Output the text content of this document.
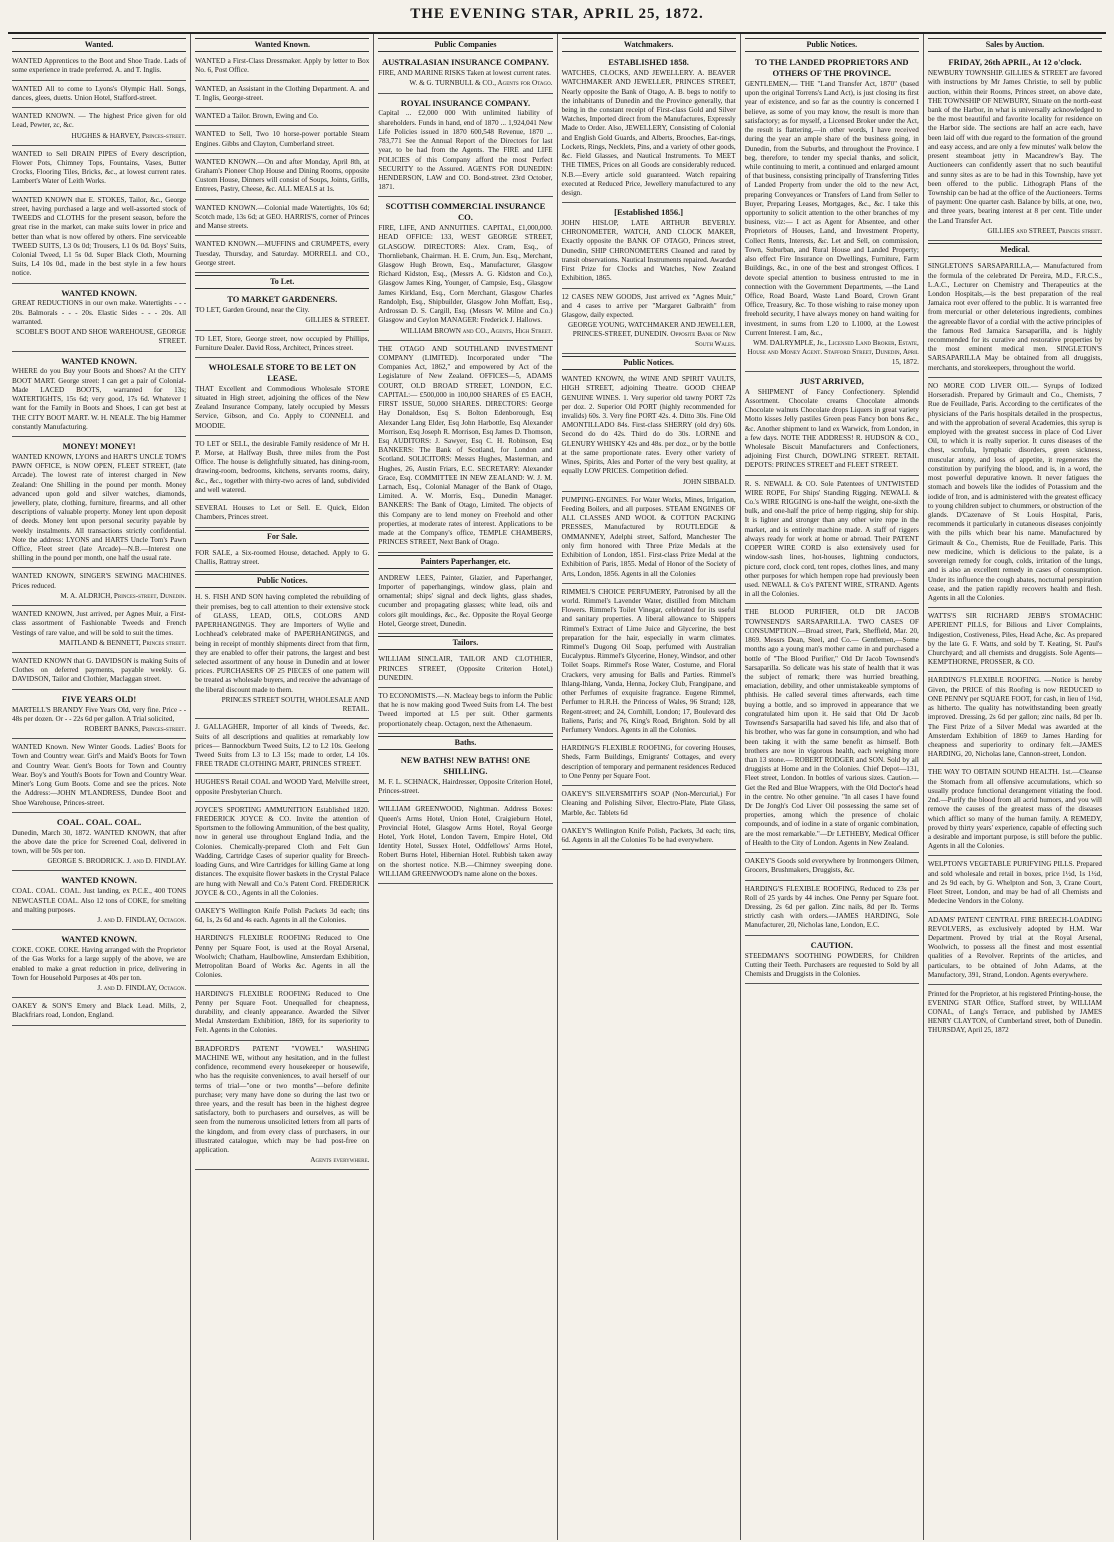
THE EVENING STAR, APRIL 25, 1872.
Wanted.

WANTED Apprentices to the Boot and Shoe Trade. Lads of some experience in trade preferred. A. and T. Inglis.

WANTED All to come to Lyons's Olympic Hall. Songs, dances, glees, duetts. Union Hotel, Stafford-street.

WANTED KNOWN. — The highest Price given for old Lead, Pewter, zc, &c.

HUGHES & HARVEY, Princes-street.

WANTED to Sell DRAIN PIPES of Every description, Flower Pots, Chimney Tops, Fountains, Vases, Butter Crocks, Flooring Tiles, Bricks, &c., at lowest current rates. Lambert's Water of Leith Works.

WANTED KNOWN that E. STOKES, Tailor, &c., George street, having purchased a large and well-assorted stock of TWEEDS and CLOTHS for the present season, before the great rise in the market, can make suits lower in price and better than what is now offered by others. Fine serviceable TWEED SUITS, L3 0s 0d; Trousers, L1 0s 0d. Boys' Suits, Colonial Tweed, L1 5s 0d. Super Black Cloth, Mourning Suits, L4 10s 0d., made in the best style in a few hours notice.

WANTED KNOWN.

GREAT REDUCTIONS in our own make. Watertights - - - 20s. Balmorals - - - 20s. Elastic Sides - - - 20s. All warranted.

SCOBLE'S BOOT AND SHOE WAREHOUSE, GEORGE STREET.

WANTED KNOWN.

WHERE do you Buy your Boots and Shoes? At the CITY BOOT MART. George street: I can get a pair of Colonial-Made LACED BOOTS, warranted for 13s; WATERTIGHTS, 15s 6d; very good, 17s 6d. Whatever I want for the Family in Boots and Shoes, I can get best at THE CITY BOOT MART. W. H. NEALE. The big Hammer constantly Manufacturing.

MONEY! MONEY!

WANTED KNOWN, LYONS and HART'S UNCLE TOM'S PAWN OFFICE, is NOW OPEN, FLEET STREET, (late Arcade). The lowest rate of interest charged in New Zealand: One Shilling in the pound per month. Money advanced upon gold and silver watches, diamonds, jewellery, plate, clothing, furniture, firearms, and all other descriptions of valuable property. Money lent upon deposit of deeds. Money lent upon personal security payable by weekly instalments. All transactions strictly confidential. Note the address: LYONS and HARTS Uncle Tom's Pawn Office, Fleet street (late Arcade)—N.B.—Interest one shilling in the pound per month, one half the usual rate.

WANTED KNOWN, SINGER'S SEWING MACHINES. Prices reduced.

M. A. ALDRICH, Princes-street, Dunedin.

WANTED KNOWN, Just arrived, per Agnes Muir, a First-class assortment of Fashionable Tweeds and French Vestings of rare value, and will be sold to suit the times.

MAITLAND & BENNETT, Princes street.

WANTED KNOWN that G. DAVIDSON is making Suits of Clothes on deferred payments, payable weekly. G. DAVIDSON, Tailor and Clothier, Maclaggan street.

FIVE YEARS OLD!

MARTELL'S BRANDY Five Years Old, very fine. Price - - 48s per dozen. Or - - 22s 6d per gallon. A Trial solicited,

ROBERT BANKS, Princes-street.

WANTED Known. New Winter Goods. Ladies' Boots for Town and Country wear. Girl's and Maid's Boots for Town and Country Wear. Gent's Boots for Town and Country Wear. Boy's and Youth's Boots for Town and Country Wear. Miner's Long Gum Boots. Come and see the prices. Note the Address:—JOHN M'LANDRESS, Dundee Boot and Shoe Warehouse, Princes-street.

COAL. COAL. COAL.

Dunedin, March 30, 1872. WANTED KNOWN, that after the above date the price for Screened Coal, delivered in town, will be 50s per ton.

GEORGE S. BRODRICK. J. and D. FINDLAY.

WANTED KNOWN.

COAL. COAL. COAL. Just landing, ex P.C.E., 400 TONS NEWCASTLE COAL. Also 12 tons of COKE, for smelting and malting purposes.

J. and D. FINDLAY, Octagon.

WANTED KNOWN.

COKE. COKE. COKE. Having arranged with the Proprietor of the Gas Works for a large supply of the above, we are enabled to make a great reduction in price, delivering in Town for Household Purposes at 40s per ton.

J. and D. FINDLAY, Octagon.

OAKEY & SON'S Emery and Black Lead. Mills, 2, Blackfriars road, London, England.

Wanted Known.

WANTED a First-Class Dressmaker. Apply by letter to Box No. 6, Post Office.

WANTED, an Assistant in the Clothing Department. A. and T. Inglis, George-street.

WANTED a Tailor. Brown, Ewing and Co.

WANTED to Sell, Two 10 horse-power portable Steam Engines. Gibbs and Clayton, Cumberland street.

WANTED KNOWN.—On and after Monday, April 8th, at Graham's Pioneer Chop House and Dining Rooms, opposite Custom House, Dinners will consist of Soups, Joints, Grills, Entrees, Pastry, Cheese, &c. ALL MEALS at 1s.

WANTED KNOWN.—Colonial made Watertights, 10s 6d; Scotch made, 13s 6d; at GEO. HARRIS'S, corner of Princes and Manse streets.

WANTED KNOWN.—MUFFINS and CRUMPETS, every Tuesday, Thursday, and Saturday. MORRELL and CO., George street.

To Let.
TO MARKET GARDENERS.

TO LET, Garden Ground, near the City.

GILLIES & STREET.

TO LET, Store, George street, now occupied by Phillips, Furniture Dealer. David Ross, Architect, Princes street.

WHOLESALE STORE TO BE LET ON LEASE.

THAT Excellent and Commodious Wholesale STORE situated in High street, adjoining the offices of the New Zealand Insurance Company, lately occupied by Messrs Service, Gibson, and Co. Apply to CONNELL and MOODIE.

TO LET or SELL, the desirable Family residence of Mr H. P. Morse, at Halfway Bush, three miles from the Post Office. The house is delightfully situated, has dining-room, drawing-room, bedrooms, kitchens, servants rooms, dairy, &c., &c., together with thirty-two acres of land, subdivided and well watered.

SEVERAL Houses to Let or Sell. E. Quick, Eldon Chambers, Princes street.

For Sale.

FOR SALE, a Six-roomed House, detached. Apply to G. Challis, Rattray street.

Public Notices.

H. S. FISH AND SON having completed the rebuilding of their premises, beg to call attention to their extensive stock of GLASS, LEAD, OILS, COLORS AND PAPERHANGINGS. They are Importers of Wylie and Lochhead's celebrated make of PAPERHANGINGS, and being in receipt of monthly shipments direct from that firm, they are enabled to offer their patrons, the largest and best selected assortment of any house in Dunedin and at lower prices. PURCHASERS OF 25 PIECES of one pattern will be treated as wholesale buyers, and receive the advantage of the liberal discount made to them.

PRINCES STREET SOUTH, WHOLESALE AND RETAIL.

J. GALLAGHER, Importer of all kinds of Tweeds, &c. Suits of all descriptions and qualities at remarkably low prices— Bannockburn Tweed Suits, L2 to L2 10s. Geelong Tweed Suits from L3 to L3 15s; made to order, L4 10s. FREE TRADE CLOTHING MART, PRINCES STREET.

HUGHES'S Retail COAL and WOOD Yard, Melville street, opposite Presbyterian Church.

JOYCE'S SPORTING AMMUNITION Established 1820. FREDERICK JOYCE & CO. Invite the attention of Sportsmen to the following Ammunition, of the best quality, now in general use throughout England India, and the Colonies. Chemically-prepared Cloth and Felt Gun Wadding, Cartridge Cases of superior quality for Breech-loading Guns, and Wire Cartridges for killing Game at long distances. The exquisite flower baskets in the Crystal Palace are hung with Newall and Co.'s Patent Cord. FREDERICK JOYCE & CO., Agents in all the Colonies.

OAKEY'S Wellington Knife Polish Packets 3d each; tins 6d, 1s, 2s 6d and 4s each. Agents in all the Colonies.

HARDING'S FLEXIBLE ROOFING Reduced to One Penny per Square Foot, is used at the Royal Arsenal, Woolwich; Chatham, Haulbowline, Amsterdam Exhibition, Metropolitan Board of Works &c. Agents in all the Colonies.

HARDING'S FLEXIBLE ROOFING Reduced to One Penny per Square Foot. Unequalled for cheapness, durability, and cleanly appearance. Awarded the Silver Medal Amsterdam Exhibition, 1869, for its superiority to Felt. Agents in the Colonies.

BRADFORD'S PATENT "VOWEL" WASHING MACHINE WE, without any hesitation, and in the fullest confidence, recommend every housekeeper or housewife, who has the requisite conveniences, to avail herself of our terms of trial—"one or two months"—before definite purchase; very many have done so during the last two or three years, and the result has been in the highest degree satisfactory, both to purchasers and ourselves, as will be seen from the numerous unsolicited letters from all parts of the kingdom, and from every class of purchasers, in our illustrated catalogue, which may be had post-free on application.

Agents everywhere.

Public Companies
AUSTRALASIAN INSURANCE COMPANY.

FIRE, AND MARINE RISKS Taken at lowest current rates.

W. & G. TURNBULL & CO., Agents for Otago.

ROYAL INSURANCE COMPANY.

Capital ... £2,000 000 With unlimited liability of shareholders. Funds in hand, end of 1870 ... 1,924,041 New Life Policies issued in 1870 600,548 Revenue, 1870 ... 783,771 See the Annual Report of the Directors for last year, to be had from the Agents. The FIRE and LIFE POLICIES of this Company afford the most Perfect SECURITY to the Assured. AGENTS FOR DUNEDIN: HENDERSON, LAW and CO. Bond-street. 23rd October, 1871.

SCOTTISH COMMERCIAL INSURANCE CO.

FIRE, LIFE, AND ANNUITIES. CAPITAL, £1,000,000. HEAD OFFICE: 133, WEST GEORGE STREET, GLASGOW. DIRECTORS: Alex. Cram, Esq., of Thornliebank, Chairman. H. E. Crum, Jun. Esq., Merchant, Glasgow Hugh Brown, Esq., Manufacturer, Glasgow Richard Kidston, Esq., (Messrs A. G. Kidston and Co.), Glasgow James King, Younger, of Campsie, Esq., Glasgow James Kirkland, Esq., Corn Merchant, Glasgow Charles Randolph, Esq., Shipbuilder, Glasgow John Moffatt, Esq., Ardrossan D. S. Cargill, Esq. (Messrs W. Milne and Co.) Glasgow and Ceylon MANAGER: Frederick J. Hallows.

WILLIAM BROWN and CO., Agents, High Street.

THE OTAGO AND SOUTHLAND INVESTMENT COMPANY (LIMITED). Incorporated under "The Companies Act, 1862," and empowered by Act of the Legislature of New Zealand. OFFICES—5, ADAMS COURT, OLD BROAD STREET, LONDON, E.C. CAPITAL:— £500,000 in 100,000 SHARES of £5 EACH, FIRST ISSUE, 50,000 SHARES. DIRECTORS: George Hay Donaldson, Esq S. Bolton Edenborough, Esq Alexander Lang Elder, Esq John Harbottle, Esq Alexander Morrison, Esq Joseph R. Morrison, Esq James D. Thomson, Esq AUDITORS: J. Sawyer, Esq C. H. Robinson, Esq BANKERS: The Bank of Scotland, for London and Scotland. SOLICITORS: Messrs Hughes, Masterman, and Hughes, 26, Austin Friars, E.C. SECRETARY: Alexander Grace, Esq. COMMITTEE IN NEW ZEALAND: W. J. M. Larnach, Esq., Colonial Manager of the Bank of Otago, Limited. A. W. Morris, Esq., Dunedin Manager. BANKERS: The Bank of Otago, Limited. The objects of this Company are to lend money on Freehold and other properties, at moderate rates of interest. Applications to be made at the Company's office, TEMPLE CHAMBERS, PRINCES STREET, Next Bank of Otago.

Painters Paperhanger, etc.

ANDREW LEES, Painter, Glazier, and Paperhanger, Importer of paperhangings, window glass, plain and ornamental; ships' signal and deck lights, glass shades, cucumber and propagating glasses; white lead, oils and colors gilt mouldings, &c., &c. Opposite the Royal George Hotel, George street, Dunedin.

Tailors.

WILLIAM SINCLAIR, TAILOR AND CLOTHIER, PRINCES STREET, (Opposite Criterion Hotel,) DUNEDIN.

TO ECONOMISTS.—N. Macleay begs to inform the Public that he is now making good Tweed Suits from L4. The best Tweed imported at L5 per suit. Other garments proportionately cheap. Octagon, next the Athenaeum.

Baths.
NEW BATHS! NEW BATHS! ONE SHILLING.

M. F. L. SCHNACK, Hairdresser, Opposite Criterion Hotel, Princes-street.

WILLIAM GREENWOOD, Nightman. Address Boxes: Queen's Arms Hotel, Union Hotel, Craigieburn Hotel, Provincial Hotel, Glasgow Arms Hotel, Royal George Hotel, York Hotel, London Tavern, Empire Hotel, Old Identity Hotel, Sussex Hotel, Oddfellows' Arms Hotel, Robert Burns Hotel, Hibernian Hotel. Rubbish taken away on the shortest notice. N.B.—Chimney sweeping done. WILLIAM GREENWOOD's name alone on the boxes.

Watchmakers.
ESTABLISHED 1858.

WATCHES, CLOCKS, AND JEWELLERY. A. BEAVER WATCHMAKER AND JEWELLER, PRINCES STREET, Nearly opposite the Bank of Otago, A. B. begs to notify to the inhabitants of Dunedin and the Province generally, that being in the constant receipt of First-class Gold and Silver Watches, Imported direct from the Manufactures, Expressly Made to Order. Also, JEWELLERY, Consisting of Colonial and English Gold Guards, and Alberts, Brooches, Ear-rings, Lockets, Rings, Necklets, Pins, and a variety of other goods, &c. Field Glasses, and Nautical Instruments. To MEET THE TIMES, Prices on all Goods are considerably reduced. N.B.—Every article sold guaranteed. Watch repairing executed at Reduced Price, Jewellery manufactured to any design.

[Established 1856.]

JOHN HISLOP, LATE ARTHUR BEVERLY. CHRONOMETER, WATCH, AND CLOCK MAKER, Exactly opposite the BANK OF OTAGO, Princes street, Dunedin, SHIP CHRONOMETERS Cleaned and rated by transit observations. Nautical Instruments repaired. Awarded First Prize for Clocks and Watches, New Zealand Exhibition, 1865.

12 CASES NEW GOODS, Just arrived ex "Agnes Muir," and 4 cases to arrive per "Margaret Galbraith" from Glasgow, daily expected.

GEORGE YOUNG, WATCHMAKER AND JEWELLER, PRINCES-STREET, DUNEDIN. Opposite Bank of New South Wales.

Public Notices.

WANTED KNOWN, the WINE AND SPIRIT VAULTS, HIGH STREET, adjoining Theatre. GOOD CHEAP GENUINE WINES. 1. Very superior old tawny PORT 72s per doz. 2. Superior Old PORT (highly recommended for invalids) 60s. 3. Very fine PORT 42s. 4. Ditto 30s. Fine Old AMONTILLADO 84s. First-class SHERRY (old dry) 60s. Second do do 42s. Third do do 30s. LORNE and GLENURY WHISKY 42s and 48s. per doz., or by the bottle at the same proportionate rates. Every other variety of Wines, Spirits, Ales and Porter of the very best quality, at equally LOW PRICES. Competition defied.

JOHN SIBBALD.

PUMPING-ENGINES. For Water Works, Mines, Irrigation, Feeding Boilers, and all purposes. STEAM ENGINES OF ALL CLASSES AND WOOL & COTTON PACKING PRESSES, Manufactured by ROUTLEDGE & OMMANNEY, Adelphi street, Salford, Manchester The only firm honored with Three Prize Medals at the Exhibition of London, 1851. First-class Prize Medal at the Exhibition of Paris, 1855. Medal of Honor of the Society of Arts, London, 1856. Agents in all the Colonies

RIMMEL'S CHOICE PERFUMERY, Patronised by all the world. Rimmel's Lavender Water, distilled from Mitcham Flowers. Rimmel's Toilet Vinegar, celebrated for its useful and sanitary properties. A liberal allowance to Shippers Rimmel's Extract of Lime Juice and Glycerine, the best preparation for the hair, especially in warm climates. Rimmel's Dugong Oil Soap, perfumed with Australian Eucalyptus. Rimmel's Glycerine, Honey, Windsor, and other Toilet Soaps. Rimmel's Rose Water, Costume, and Floral Crackers, very amusing for Balls and Parties. Rimmel's Ihlang-Ihlang, Vanda, Henna, Jockey Club, Frangipane, and other Perfumes of exquisite fragrance. Eugene Rimmel, Perfumer to H.R.H. the Princess of Wales, 96 Strand; 128, Regent-street; and 24, Cornhill, London; 17, Boulevard des Italiens, Paris; and 76, King's Road, Brighton. Sold by all Perfumery Vendors. Agents in all the Colonies.

HARDING'S FLEXIBLE ROOFING, for covering Houses, Sheds, Farm Buildings, Emigrants' Cottages, and every description of temporary and permanent residences Reduced to One Penny per Square Foot.

OAKEY'S SILVERSMITH'S SOAP (Non-Mercurial,) For Cleaning and Polishing Silver, Electro-Plate, Plate Glass, Marble, &c. Tablets 6d

OAKEY'S Wellington Knife Polish, Packets, 3d each; tins, 6d. Agents in all the Colonies To be had everywhere.

Public Notices.
TO THE LANDED PROPRIETORS AND OTHERS OF THE PROVINCE.

GENTLEMEN,— THE "Land Transfer Act, 1870" (based upon the original Torrens's Land Act), is just closing its first year of existence, and so far as the country is concerned I believe, as some of you may know, the result is more than satisfactory; as for myself, a Licensed Broker under the Act, the result is flattering,—in other words, I have received during the year an ample share of the business going, in Dunedin, from the Suburbs, and throughout the Province. I beg, therefore, to tender my special thanks, and solicit, while continuing to merit, a continued and enlarged amount of that business, consisting principally of Transferring Titles of Landed Property from under the old to the new Act, preparing Conveyances or Transfers of Land from Seller to Buyer, Preparing Leases, Mortgages, &c., &c. I take this opportunity to solicit attention to the other branches of my business, viz:— I act as Agent for Absentee, and other Proprietors of Houses, Land, and Investment Property, Collect Rents, Interests, &c. Let and Sell, on commission, Town, Suburban, and Rural House and Landed Property; also effect Fire Insurance on Dwellings, Furniture, Farm Buildings, &c., in one of the best and strongest Offices. I devote special attention to business entrusted to me in connection with the Government Departments, —the Land Office, Road Board, Waste Land Board, Crown Grant Office, Treasury, &c. To those wishing to raise money upon freehold security, I have always money on hand waiting for investment, in sums from L20 to L1000, at the Lowest Current Interest. I am, &c.,

WM. DALRYMPLE, Jr., Licensed Land Broker, Estate, House and Money Agent. Stafford Street, Dunedin, April 15, 1872.

JUST ARRIVED,

A SHIPMENT of Fancy Confectionery. Splendid Assortment. Chocolate creams Chocolate almonds Chocolate walnuts Chocolate drops Liquers in great variety Motto kisses Jelly pastiles Green peas Fancy bon bons &c., &c. Another shipment to land ex Warwick, from London, in a few days. NOTE THE ADDRESS! R. HUDSON & CO., Wholesale Biscuit Manufacturers and Confectioners, adjoining First Church, DOWLING STREET. RETAIL DEPOTS: PRINCES STREET and FLEET STREET.

R. S. NEWALL & CO. Sole Patentees of UNTWISTED WIRE ROPE, For Ships' Standing Rigging. NEWALL & Co.'s WIRE RIGGING is one-half the weight, one-sixth the bulk, and one-half the price of hemp rigging, ship for ship. It is lighter and stronger than any other wire rope in the market, and is entirely machine made. A staff of riggers always ready for work at home or abroad. Their PATENT COPPER WIRE CORD is also extensively used for window-sash lines, hot-houses, lightning conductors, picture cord, clock cord, tent ropes, clothes lines, and many other purposes for which hempen rope had previously been used. NEWALL & Co's PATENT WIRE, STRAND. Agents in all the Colonies.

THE BLOOD PURIFIER, OLD DR JACOB TOWNSEND'S SARSAPARILLA. TWO CASES OF CONSUMPTION.—Broad street, Park, Sheffield, Mar. 20, 1869. Messrs Dean, Steel, and Co.— Gentlemen,—Some months ago a young man's mother came in and purchased a bottle of "The Blood Purifier," Old Dr Jacob Townsend's Sarsaparilla. So delicate was his state of health that it was the subject of remark; there was hurried breathing, emaciation, debility, and other unmistakeable symptoms of phthisis. He called several times afterwards, each time buying a bottle, and so improved in appearance that we congratulated him upon it. He said that Old Dr Jacob Townsend's Sarsaparilla had saved his life, and also that of his brother, who was far gone in consumption, and who had been taking it with the same benefit as himself. Both brothers are now in vigorous health, each weighing more than 13 stone.— ROBERT RODGER and SON. Sold by all druggists at Home and in the Colonies. Chief Depot—131, Fleet street, London. In bottles of various sizes. Caution.—Get the Red and Blue Wrappers, with the Old Doctor's head in the centre. No other genuine. "In all cases I have found Dr De Jongh's Cod Liver Oil possessing the same set of properties, among which the presence of cholaic compounds, and of iodine in a state of organic combination, are the most remarkable."—Dr LETHEBY, Medical Officer of Health to the City of London. Agents in New Zealand.

OAKEY'S Goods sold everywhere by Ironmongers Oilmen, Grocers, Brushmakers, Druggists, &c.

HARDING'S FLEXIBLE ROOFING, Reduced to 23s per Roll of 25 yards by 44 inches. One Penny per Square foot. Dressing, 2s 6d per gallon. Zinc nails, 8d per lb. Terms strictly cash with orders.—JAMES HARDING, Sole Manufacturer, 20, Nicholas lane, London, E.C.

CAUTION.

STEEDMAN'S SOOTHING POWDERS, for Children Cutting their Teeth. Purchasers are requested to Sold by all Chemists and Druggists in the Colonies.

Sales by Auction.
FRIDAY, 26th APRIL, At 12 o'clock.

NEWBURY TOWNSHIP. GILLIES & STREET are favored with instructions by Mr James Christie, to sell by public auction, within their Rooms, Princes street, on above date, THE TOWNSHIP OF NEWBURY, Situate on the north-east bank of the Harbor, in what is universally acknowledged to be the most beautiful and favorite locality for residence on the Harbor side. The sections are half an acre each, have been laid off with due regard to the formation of the ground and easy access, and are only a few minutes' walk below the present steamboat jetty in Macandrew's Bay. The Auctioneers can confidently assert that no such beautiful and sunny sites as are to be had in this Township, have yet been offered to the public. Lithograph Plans of the Township can be had at the office of the Auctioneers. Terms of payment: One quarter cash. Balance by bills, at one, two, and three years, bearing interest at 8 per cent. Title under the Land Transfer Act.

GILLIES and STREET, Princes street.

Medical.

SINGLETON'S SARSAPARILLA,— Manufactured from the formula of the celebrated Dr Pereira, M.D., F.R.C.S., L.A.C., Lecturer on Chemistry and Therapeutics at the London Hospitals,—is the best preparation of the real Jamaica root ever offered to the public. It is warranted free from mercurial or other deleterious ingredients, combines the agreeable flavor of a cordial with the active principles of the famous Red Jamaica Sarsaparilla, and is highly recommended for its curative and restorative properties by the most eminent medical men. SINGLETON'S SARSAPARILLA May be obtained from all druggists, merchants, and storekeepers, throughout the world.

NO MORE COD LIVER OIL.— Syrups of Iodized Horseradish. Prepared by Grimault and Co., Chemists, 7 Rue de Feuillade, Paris. According to the certificates of the physicians of the Paris hospitals detailed in the prospectus, and with the approbation of several Academies, this syrup is employed with the greatest success in place of Cod Liver Oil, to which it is really superior. It cures diseases of the chest, scrofula, lymphatic disorders, green sickness, muscular atony, and loss of appetite, it regenerates the constitution by purifying the blood, and is, in a word, the most powerful depurative known. It never fatigues the stomach and bowels like the iodides of Potassium and the iodide of Iron, and is administered with the greatest efficacy to young children subject to chummers, or obstruction of the glands. D'Cazenave of St Louis Hospital, Paris, recommends it particularly in cutaneous diseases conjointly with the pills which bear his name. Manufactured by Grimault & Co., Chemists, Rue de Feuillade, Paris. This new medicine, which is delicious to the palate, is a sovereign remedy for cough, colds, irritation of the lungs, and is also an excellent remedy in cases of consumption. Under its influence the cough abates, nocturnal perspiration cease, and the patien rapidly recovers health and flesh. Agents in all the Colonies.

WATTS'S SIR RICHARD JEBB'S STOMACHIC APERIENT PILLS, for Bilious and Liver Complaints, Indigestion, Costiveness, Piles, Head Ache, &c. As prepared by the late G. F. Watts, and sold by T. Keating, St. Paul's Churchyard; and all chemists and druggists. Sole Agents— KEMPTHORNE, PROSSER, & CO.

HARDING'S FLEXIBLE ROOFING. —Notice is hereby Given, the PRICE of this Roofing is now REDUCED to ONE PENNY per SQUARE FOOT, for cash, in lieu of 1½d, as hitherto. The quality has notwithstanding been greatly improved. Dressing, 2s 6d per gallon; zinc nails, 8d per lb. The First Prize of a Silver Medal was awarded at the Amsterdam Exhibition of 1869 to James Harding for cheapness and superiority to ordinary felt.—JAMES HARDING, 20, Nicholas lane, Cannon-street, London.

THE WAY TO OBTAIN SOUND HEALTH. 1st.—Cleanse the Stomach from all offensive accumulations, which so usually produce functional derangement vitiating the food. 2nd.—Purify the blood from all acrid humors, and you will remove the causes of the greatest mass of the diseases which afflict so many of the human family. A REMEDY, proved by thirty years' experience, capable of effecting such a desirable and important purpose, is still before the public. Agents in all the Colonies.

WELPTON'S VEGETABLE PURIFYING PILLS. Prepared and sold wholesale and retail in boxes, price 1½d, 1s 1½d, and 2s 9d each, by G. Whelpton and Son, 3, Crane Court, Fleet Street, London, and may be had of all Chemists and Medecine Vendors in the Colony.

ADAMS' PATENT CENTRAL FIRE BREECH-LOADING REVOLVERS, as exclusively adopted by H.M. War Department. Proved by trial at the Royal Arsenal, Woolwich, to possess all the finest and most essential qualities of a Revolver. Reprints of the articles, and particulars, to be obtained of John Adams, at the Manufactory, 391, Strand, London. Agents everywhere.

Printed for the Proprietor, at his registered Printing-house, the EVENING STAR Office, Stafford street, by WILLIAM CONAL, of Lang's Terrace, and published by JAMES HENRY CLAYTON, of Cumberland street, both of Dunedin. THURSDAY, April 25, 1872
